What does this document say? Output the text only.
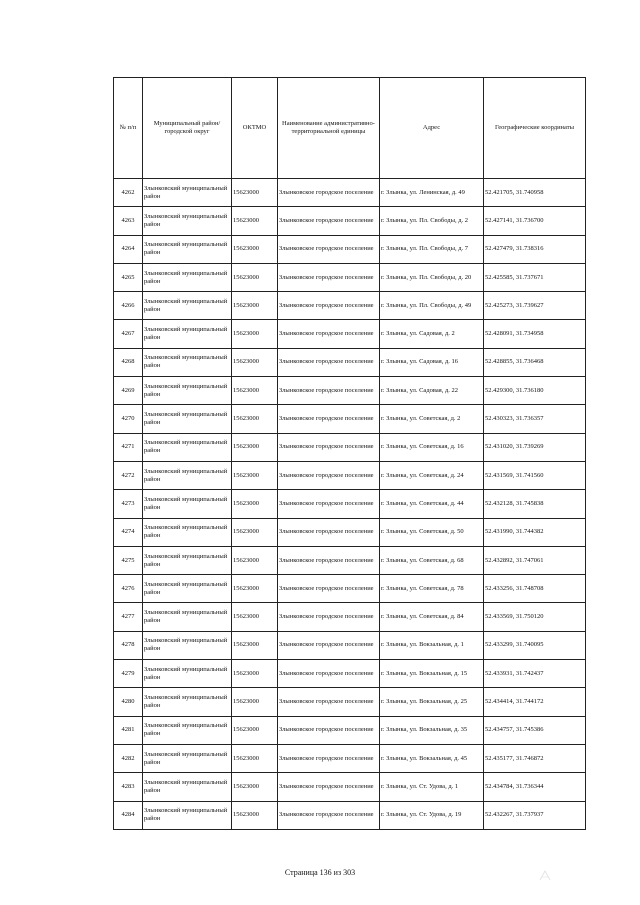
№ п/п	Муниципальный район/городской округ	ОКТМО	Наименование административно-территориальной единицы	Адрес	Географические координаты
4262	Злынковский муниципальный район	15623000	Злынковское городское поселение	г. Злынка, ул. Ленинская, д. 49	52.421705, 31.740958
4263	Злынковский муниципальный район	15623000	Злынковское городское поселение	г. Злынка, ул. Пл. Свободы, д. 2	52.427141, 31.736700
4264	Злынковский муниципальный район	15623000	Злынковское городское поселение	г. Злынка, ул. Пл. Свободы, д. 7	52.427479, 31.738316
4265	Злынковский муниципальный район	15623000	Злынковское городское поселение	г. Злынка, ул. Пл. Свободы, д. 20	52.425585, 31.737671
4266	Злынковский муниципальный район	15623000	Злынковское городское поселение	г. Злынка, ул. Пл. Свободы, д. 49	52.425273, 31.739627
4267	Злынковский муниципальный район	15623000	Злынковское городское поселение	г. Злынка, ул. Садовая, д. 2	52.428091, 31.734958
4268	Злынковский муниципальный район	15623000	Злынковское городское поселение	г. Злынка, ул. Садовая, д. 16	52.428855, 31.736468
4269	Злынковский муниципальный район	15623000	Злынковское городское поселение	г. Злынка, ул. Садовая, д. 22	52.429300, 31.736180
4270	Злынковский муниципальный район	15623000	Злынковское городское поселение	г. Злынка, ул. Советская, д. 2	52.430323, 31.736357
4271	Злынковский муниципальный район	15623000	Злынковское городское поселение	г. Злынка, ул. Советская, д. 16	52.431020, 31.739269
4272	Злынковский муниципальный район	15623000	Злынковское городское поселение	г. Злынка, ул. Советская, д. 24	52.431569, 31.741560
4273	Злынковский муниципальный район	15623000	Злынковское городское поселение	г. Злынка, ул. Советская, д. 44	52.432128, 31.745838
4274	Злынковский муниципальный район	15623000	Злынковское городское поселение	г. Злынка, ул. Советская, д. 50	52.431990, 31.744382
4275	Злынковский муниципальный район	15623000	Злынковское городское поселение	г. Злынка, ул. Советская, д. 68	52.432892, 31.747061
4276	Злынковский муниципальный район	15623000	Злынковское городское поселение	г. Злынка, ул. Советская, д. 78	52.433256, 31.748708
4277	Злынковский муниципальный район	15623000	Злынковское городское поселение	г. Злынка, ул. Советская, д. 84	52.433569, 31.750120
4278	Злынковский муниципальный район	15623000	Злынковское городское поселение	г. Злынка, ул. Вокзальная, д. 1	52.433299, 31.740095
4279	Злынковский муниципальный район	15623000	Злынковское городское поселение	г. Злынка, ул. Вокзальная, д. 15	52.433931, 31.742437
4280	Злынковский муниципальный район	15623000	Злынковское городское поселение	г. Злынка, ул. Вокзальная, д. 25	52.434414, 31.744172
4281	Злынковский муниципальный район	15623000	Злынковское городское поселение	г. Злынка, ул. Вокзальная, д. 35	52.434757, 31.745386
4282	Злынковский муниципальный район	15623000	Злынковское городское поселение	г. Злынка, ул. Вокзальная, д. 45	52.435177, 31.746872
4283	Злынковский муниципальный район	15623000	Злынковское городское поселение	г. Злынка, ул. Ст. Удова, д. 1	52.434784, 31.736344
4284	Злынковский муниципальный район	15623000	Злынковское городское поселение	г. Злынка, ул. Ст. Удова, д. 19	52.432267, 31.737937
Страница 136 из 303
